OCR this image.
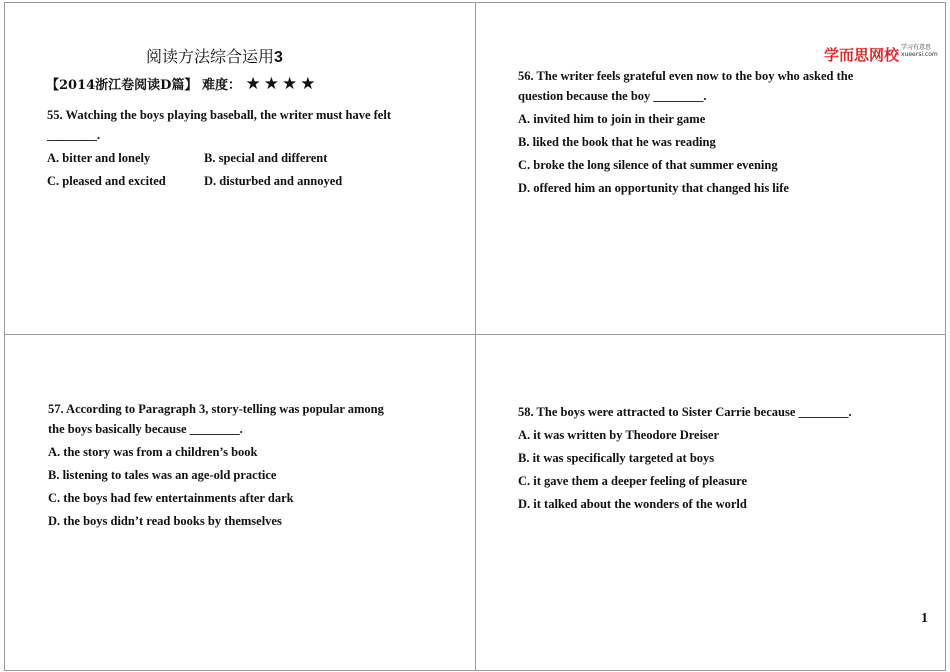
阅读方法综合运用3
【2014浙江卷阅读D篇】 难度： ★★★★
55. Watching the boys playing baseball, the writer must have felt
________.
A. bitter and lonely	B. special and different
C. pleased and excited	D. disturbed and annoyed
学而思网校 学习有意思
xueersi.com
56. The writer feels grateful even now to the boy who asked the
question because the boy ________.
A. invited him to join in their game
B. liked the book that he was reading
C. broke the long silence of that summer evening
D. offered him an opportunity that changed his life
57. According to Paragraph 3, story-telling was popular among
the boys basically because ________.
A. the story was from a children’s book
B. listening to tales was an age-old practice
C. the boys had few entertainments after dark
D. the boys didn’t read books by themselves
58. The boys were attracted to Sister Carrie because ________.
A. it was written by Theodore Dreiser
B. it was specifically targeted at boys
C. it gave them a deeper feeling of pleasure
D. it talked about the wonders of the world
1
